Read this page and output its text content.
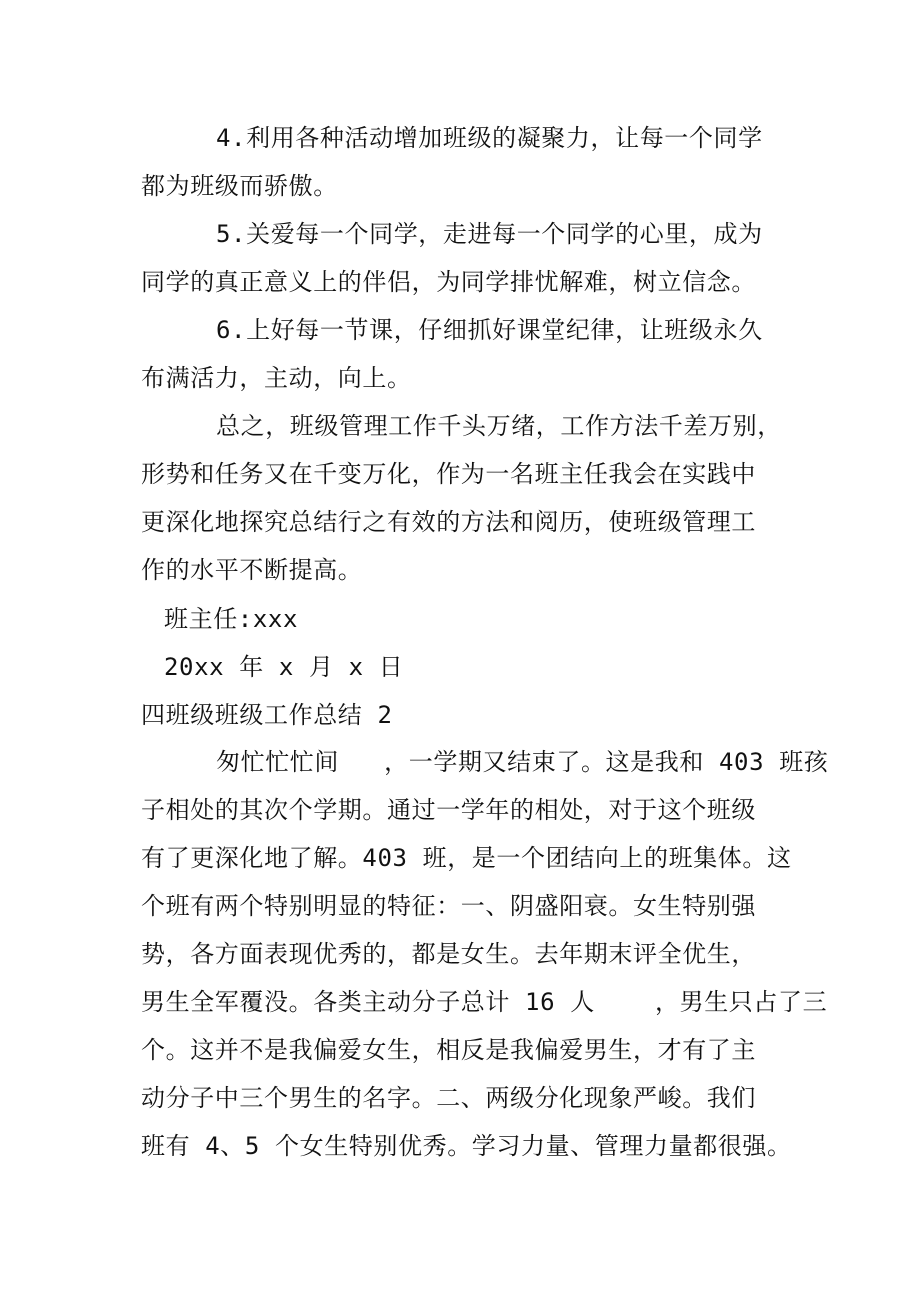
4.利用各种活动增加班级的凝聚力，让每一个同学
都为班级而骄傲。
5.关爱每一个同学，走进每一个同学的心里，成为
同学的真正意义上的伴侣，为同学排忧解难，树立信念。
6.上好每一节课，仔细抓好课堂纪律，让班级永久
布满活力，主动，向上。
总之，班级管理工作千头万绪，工作方法千差万别，
形势和任务又在千变万化，作为一名班主任我会在实践中
更深化地探究总结行之有效的方法和阅历，使班级管理工
作的水平不断提高。
班主任:xxx
20xx 年 x 月 x 日
四班级班级工作总结 2
匆忙忙忙间   ，一学期又结束了。这是我和 403 班孩
子相处的其次个学期。通过一学年的相处，对于这个班级
有了更深化地了解。403 班，是一个团结向上的班集体。这
个班有两个特别明显的特征：一、阴盛阳衰。女生特别强
势，各方面表现优秀的，都是女生。去年期末评全优生，
男生全军覆没。各类主动分子总计 16 人    ，男生只占了三
个。这并不是我偏爱女生，相反是我偏爱男生，才有了主
动分子中三个男生的名字。二、两级分化现象严峻。我们
班有 4、5 个女生特别优秀。学习力量、管理力量都很强。
